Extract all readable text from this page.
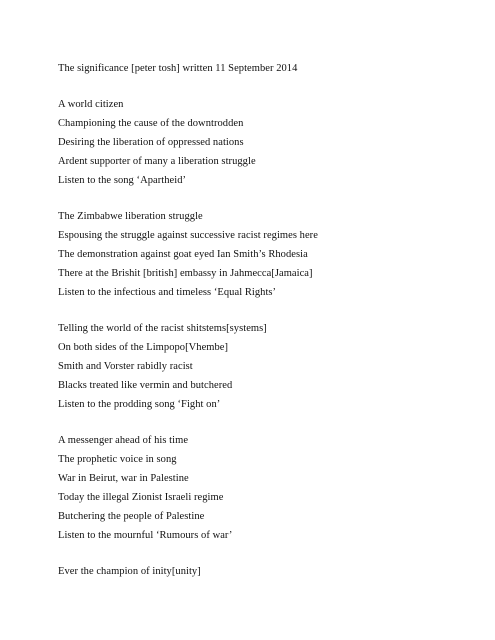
The significance [peter tosh] written 11 September 2014

A world citizen

Championing the cause of the downtrodden

Desiring the liberation of oppressed nations

Ardent supporter of many a liberation struggle

Listen to the song ‘Apartheid’

The Zimbabwe liberation struggle

Espousing the struggle against successive racist regimes here

The demonstration against goat eyed Ian Smith’s Rhodesia

There at the Brishit [british] embassy in Jahmecca[Jamaica]

Listen to the infectious and timeless ‘Equal Rights’

Telling the world of the racist shitstems[systems]

On both sides of the Limpopo[Vhembe]

Smith and Vorster rabidly racist

Blacks treated like vermin and butchered

Listen to the prodding song ‘Fight on’

A messenger ahead of his time

The prophetic voice in song

War in Beirut, war in Palestine

Today the illegal Zionist Israeli regime

Butchering the people of Palestine

Listen to the mournful ‘Rumours of war’

Ever the champion of inity[unity]
